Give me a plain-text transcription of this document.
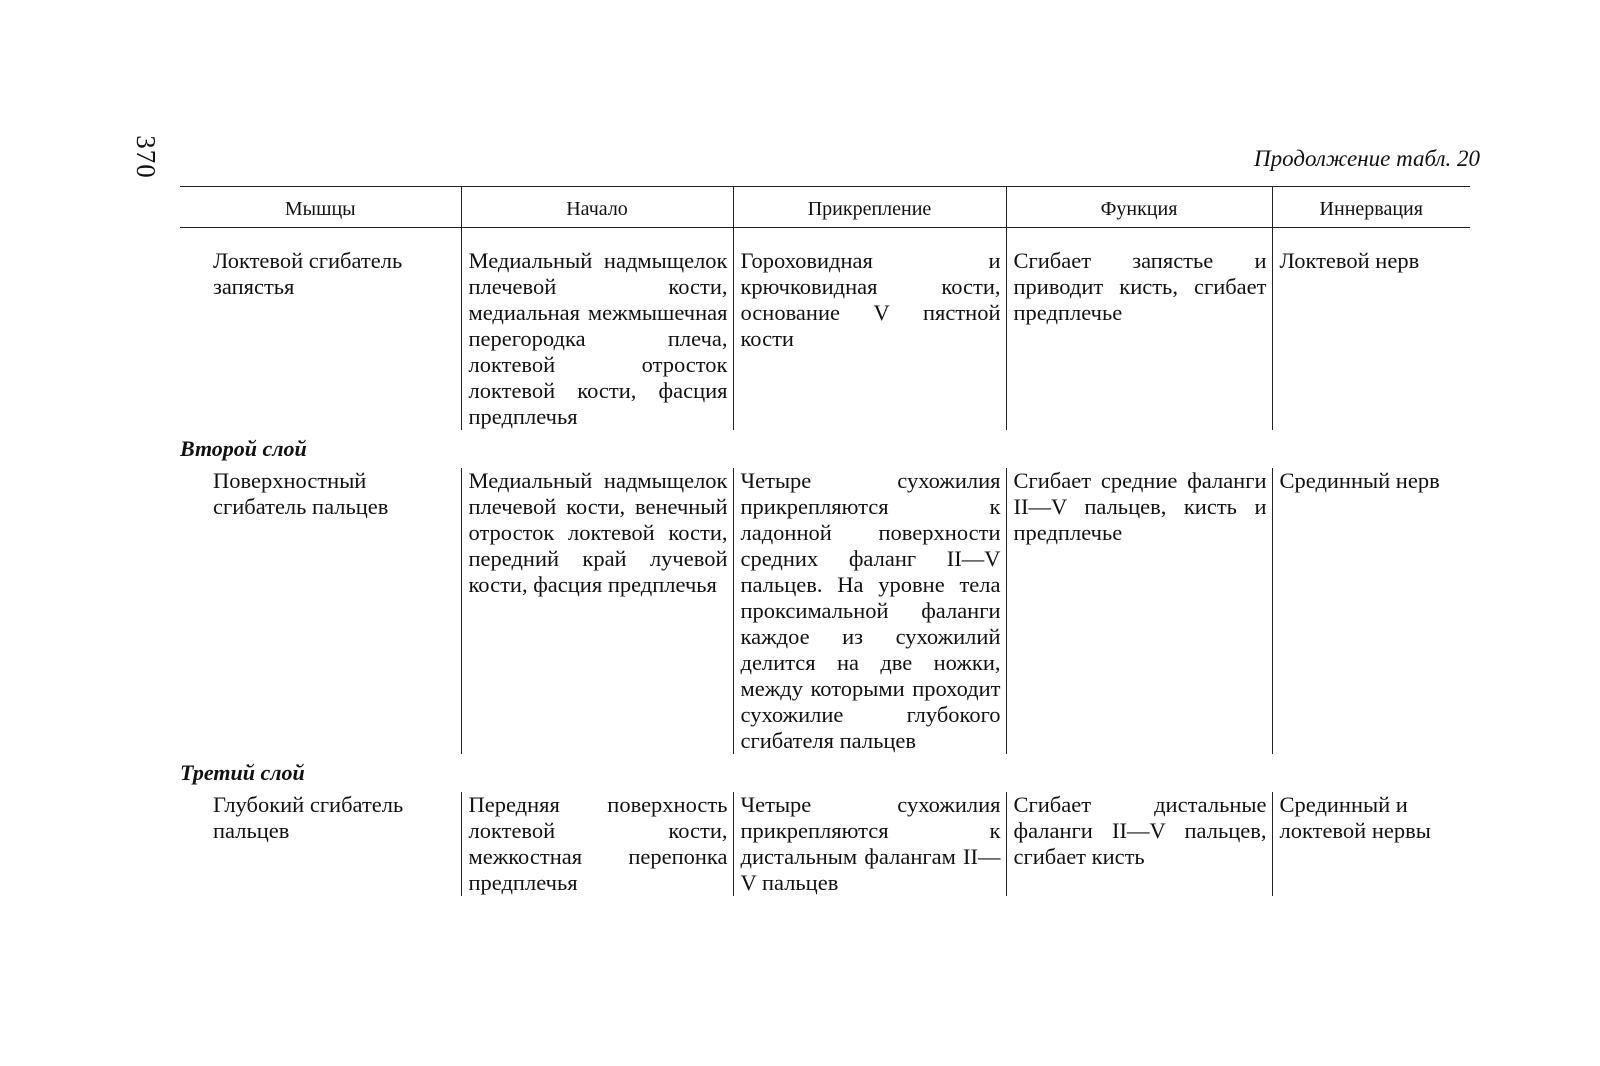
370	Продолжение табл. 20
Мышцы	Начало	Прикрепление	Функция	Иннервация

Локтевой сгибатель запястья	Медиальный надмыщелок плечевой кости, медиальная межмышечная перегородка плеча, локтевой отросток локтевой кости, фасция предплечья	Гороховидная и крючковидная кости, основание V пястной кости	Сгибает запястье и приводит кисть, сгибает предплечье	Локтевой нерв
Второй слой				
Поверхностный сгибатель пальцев	Медиальный надмыщелок плечевой кости, венечный отросток локтевой кости, передний край лучевой кости, фасция предплечья	Четыре сухожилия прикрепляются к ладонной поверхности средних фаланг II—V пальцев. На уровне тела проксимальной фаланги каждое из сухожилий делится на две ножки, между которыми проходит сухожилие глубокого сгибателя пальцев	Сгибает средние фаланги II—V пальцев, кисть и предплечье	Срединный нерв
Третий слой				
Глубокий сгибатель пальцев	Передняя поверхность локтевой кости, межкостная перепонка предплечья	Четыре сухожилия прикрепляются к дистальным фалангам II—V пальцев	Сгибает дистальные фаланги II—V пальцев, сгибает кисть	Срединный и локтевой нервы
